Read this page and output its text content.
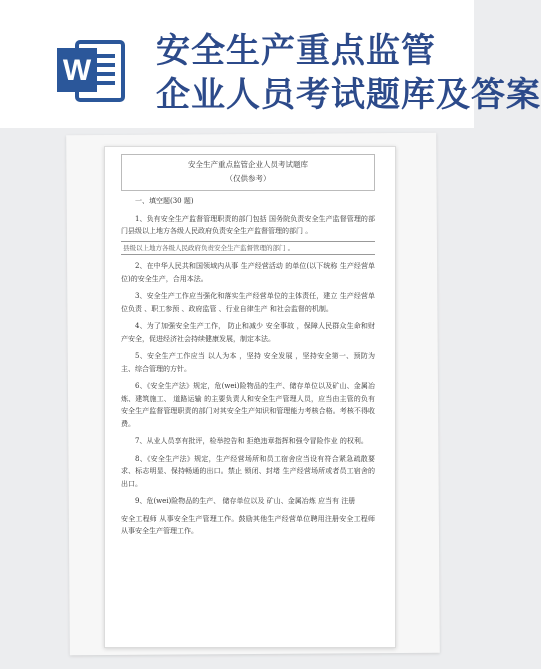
W 安全生产重点监管
企业人员考试题库及答案
安全生产重点监管企业人员考试题库
（仅供参考）

一、填空题(30 题)

1、负有安全生产监督管理职责的部门包括 国务院负责安全生产监督管理的部门县级以上地方各级人民政府负责安全生产监督管理的部门 。

县级以上地方各级人民政府负责安全生产监督管理的部门 。

2、在中华人民共和国领域内从事 生产经营活动 的单位(以下统称 生产经营单位)的安全生产，合用本法。

3、安全生产工作应当强化和落实生产经营单位的主体责任，建立 生产经营单位负责 、职工参预 、政府监管 、行业自律生产 和社会监督的机制。

4、为了加强安全生产工作， 防止和减少 安全事故 ，保障人民群众生命和财产安全，促进经济社会持续健康发展，制定本法。

5、安全生产工作应当 以人为本 ，坚持 安全发展 ，坚持安全第一、预防为主、综合管理的方针。

6、《安全生产法》规定，危(wei)险物品的生产、储存单位以及矿山、金属冶炼、建筑施工、 道路运输 的主要负责人和安全生产管理人员，应当由主管的负有安全生产监督管理职责的部门对其安全生产知识和管理能力考核合格。考核不得收费。

7、从业人员享有批评，检举控告和 拒绝违章指挥和强令冒险作业 的权利。

8、《安全生产法》规定，生产经营场所和员工宿舍应当设有符合紧急疏散要求、标志明显、保持畅通的出口。禁止 锁闭、封堵 生产经营场所或者员工宿舍的出口。

9、危(wei)险物品的生产、 储存单位以及 矿山、金属冶炼 应当有 注册

安全工程师 从事安全生产管理工作。鼓励其他生产经营单位聘用注册安全工程师从事安全生产管理工作。
